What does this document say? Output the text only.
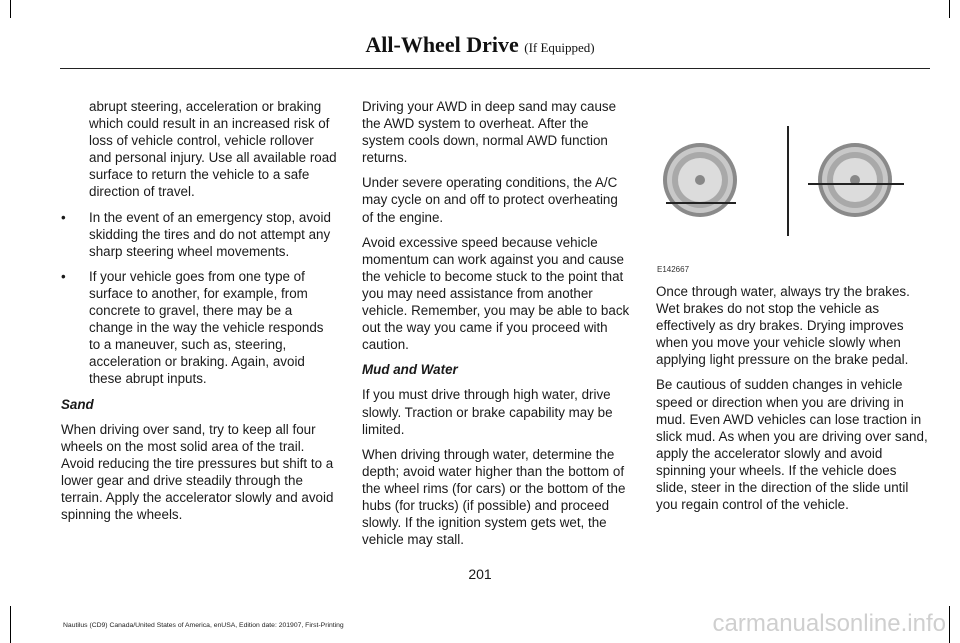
All-Wheel Drive (If Equipped)

abrupt steering, acceleration or braking which could result in an increased risk of loss of vehicle control, vehicle rollover and personal injury. Use all available road surface to return the vehicle to a safe direction of travel.

• In the event of an emergency stop, avoid skidding the tires and do not attempt any sharp steering wheel movements.
• If your vehicle goes from one type of surface to another, for example, from concrete to gravel, there may be a change in the way the vehicle responds to a maneuver, such as, steering, acceleration or braking. Again, avoid these abrupt inputs.

Sand

When driving over sand, try to keep all four wheels on the most solid area of the trail. Avoid reducing the tire pressures but shift to a lower gear and drive steadily through the terrain. Apply the accelerator slowly and avoid spinning the wheels.

Driving your AWD in deep sand may cause the AWD system to overheat. After the system cools down, normal AWD function returns.

Under severe operating conditions, the A/C may cycle on and off to protect overheating of the engine.

Avoid excessive speed because vehicle momentum can work against you and cause the vehicle to become stuck to the point that you may need assistance from another vehicle. Remember, you may be able to back out the way you came if you proceed with caution.

Mud and Water

If you must drive through high water, drive slowly. Traction or brake capability may be limited.

When driving through water, determine the depth; avoid water higher than the bottom of the wheel rims (for cars) or the bottom of the hubs (for trucks) (if possible) and proceed slowly. If the ignition system gets wet, the vehicle may stall.

E142667

Once through water, always try the brakes. Wet brakes do not stop the vehicle as effectively as dry brakes. Drying improves when you move your vehicle slowly when applying light pressure on the brake pedal.

Be cautious of sudden changes in vehicle speed or direction when you are driving in mud. Even AWD vehicles can lose traction in slick mud. As when you are driving over sand, apply the accelerator slowly and avoid spinning your wheels. If the vehicle does slide, steer in the direction of the slide until you regain control of the vehicle.

201
Nautilus (CD9) Canada/United States of America, enUSA, Edition date: 201907, First-Printing	carmanualsonline.info
